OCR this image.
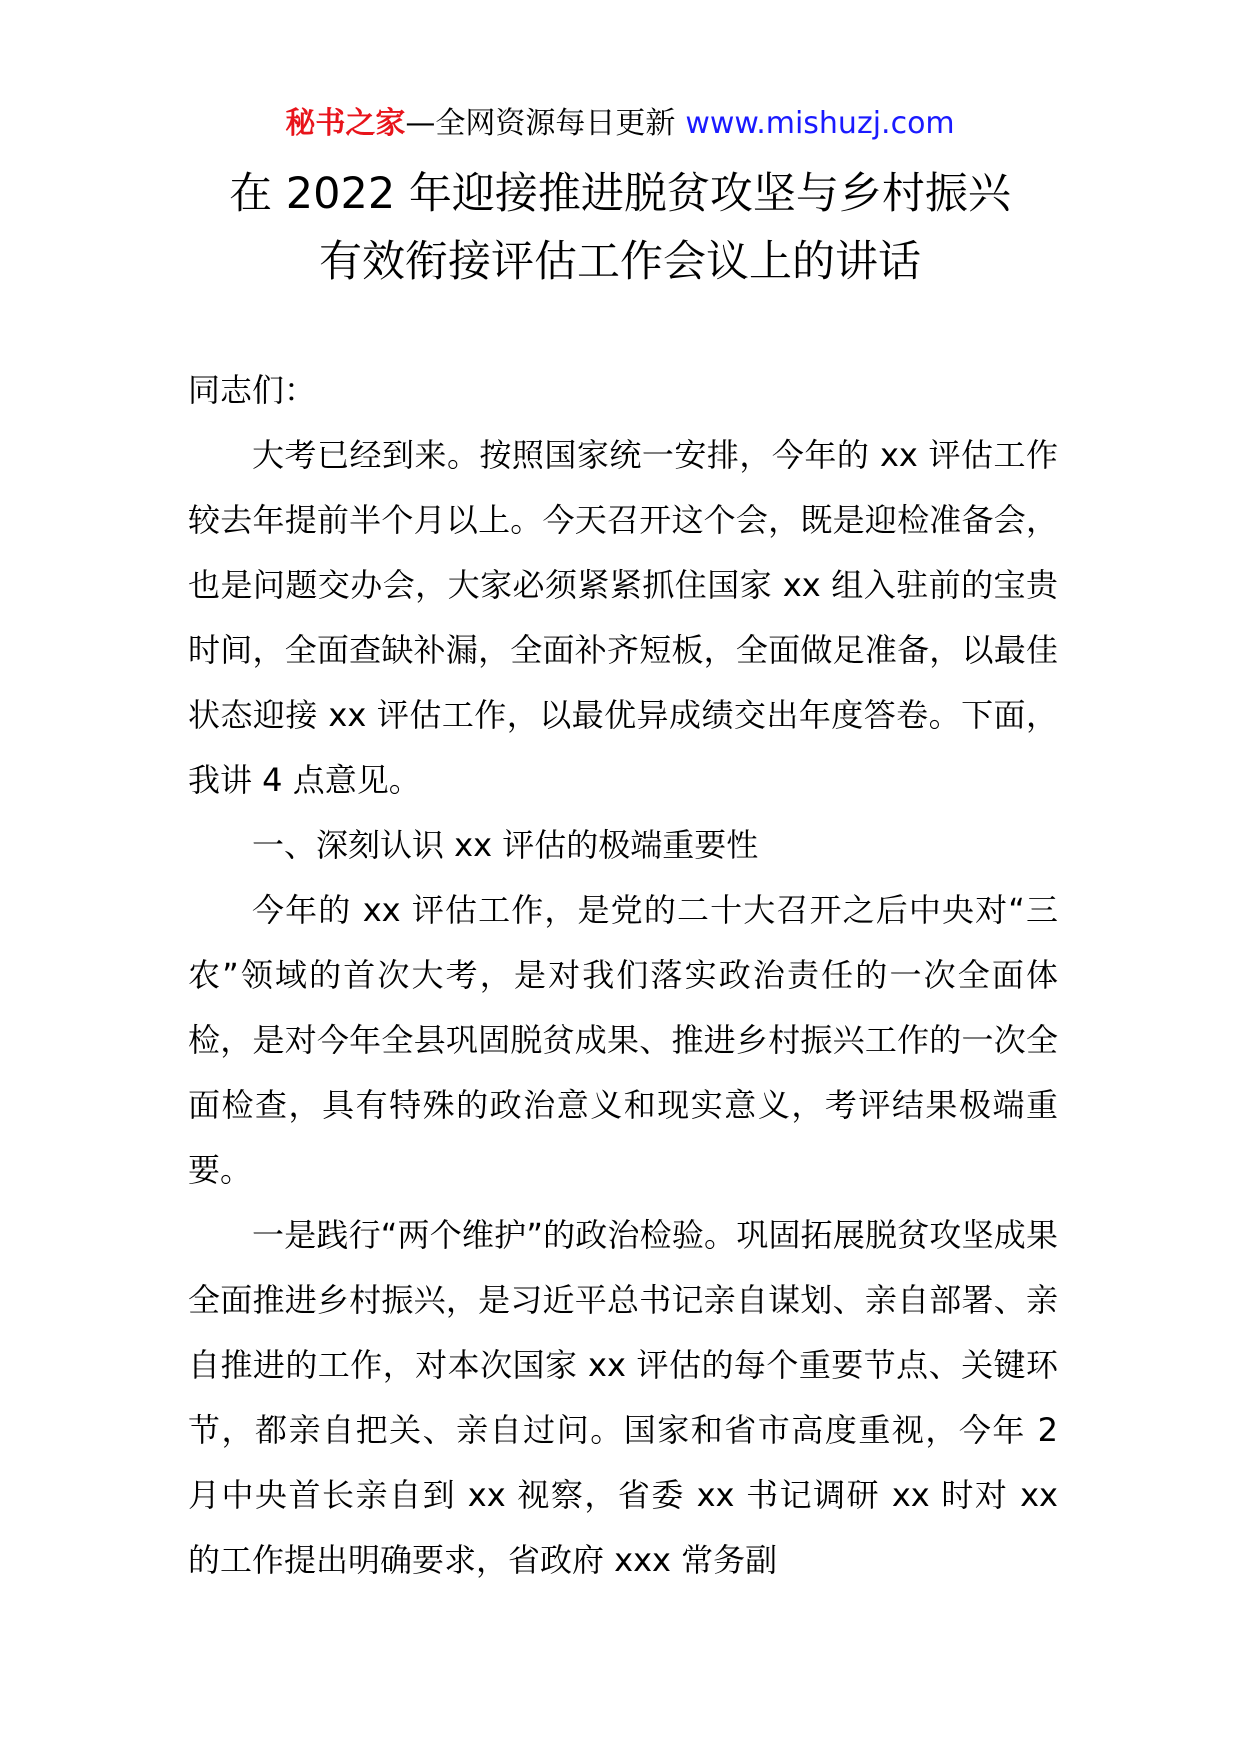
秘书之家—全网资源每日更新 www.mishuzj.com
在 2022 年迎接推进脱贫攻坚与乡村振兴
有效衔接评估工作会议上的讲话

同志们：

大考已经到来。按照国家统一安排，今年的 xx 评估工作较去年提前半个月以上。今天召开这个会，既是迎检准备会，也是问题交办会，大家必须紧紧抓住国家 xx 组入驻前的宝贵时间，全面查缺补漏，全面补齐短板，全面做足准备，以最佳状态迎接 xx 评估工作，以最优异成绩交出年度答卷。下面，我讲 4 点意见。

一、深刻认识 xx 评估的极端重要性

今年的 xx 评估工作，是党的二十大召开之后中央对“三农”领域的首次大考，是对我们落实政治责任的一次全面体检，是对今年全县巩固脱贫成果、推进乡村振兴工作的一次全面检查，具有特殊的政治意义和现实意义，考评结果极端重要。

一是践行“两个维护”的政治检验。巩固拓展脱贫攻坚成果全面推进乡村振兴，是习近平总书记亲自谋划、亲自部署、亲自推进的工作，对本次国家 xx 评估的每个重要节点、关键环节，都亲自把关、亲自过问。国家和省市高度重视，今年 2 月中央首长亲自到 xx 视察，省委 xx 书记调研 xx 时对 xx 的工作提出明确要求，省政府 xxx 常务副
